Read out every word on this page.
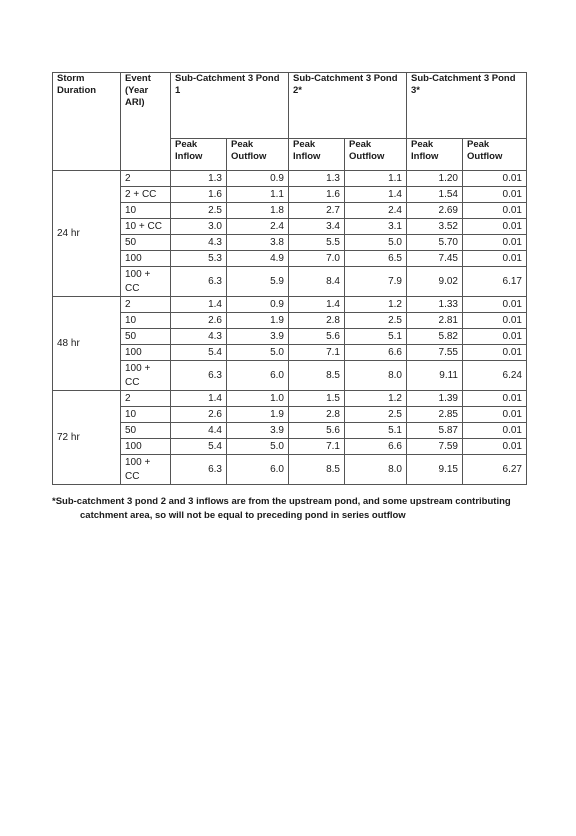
Storm Duration	Event (Year ARI)	Sub-Catchment 3 Pond 1		Sub-Catchment 3 Pond 2*		Sub-Catchment 3 Pond 3*	
		Peak Inflow	Peak Outflow	Peak Inflow	Peak Outflow	Peak Inflow	Peak Outflow
24 hr	2	1.3	0.9	1.3	1.1	1.20	0.01
	2 + CC	1.6	1.1	1.6	1.4	1.54	0.01
	10	2.5	1.8	2.7	2.4	2.69	0.01
	10 + CC	3.0	2.4	3.4	3.1	3.52	0.01
	50	4.3	3.8	5.5	5.0	5.70	0.01
	100	5.3	4.9	7.0	6.5	7.45	0.01
	100 + CC	6.3	5.9	8.4	7.9	9.02	6.17
48 hr	2	1.4	0.9	1.4	1.2	1.33	0.01
	10	2.6	1.9	2.8	2.5	2.81	0.01
	50	4.3	3.9	5.6	5.1	5.82	0.01
	100	5.4	5.0	7.1	6.6	7.55	0.01
	100 + CC	6.3	6.0	8.5	8.0	9.11	6.24
72 hr	2	1.4	1.0	1.5	1.2	1.39	0.01
	10	2.6	1.9	2.8	2.5	2.85	0.01
	50	4.4	3.9	5.6	5.1	5.87	0.01
	100	5.4	5.0	7.1	6.6	7.59	0.01
	100 + CC	6.3	6.0	8.5	8.0	9.15	6.27
*Sub-catchment 3 pond 2 and 3 inflows are from the upstream pond, and some upstream contributing
catchment area, so will not be equal to preceding pond in series outflow
